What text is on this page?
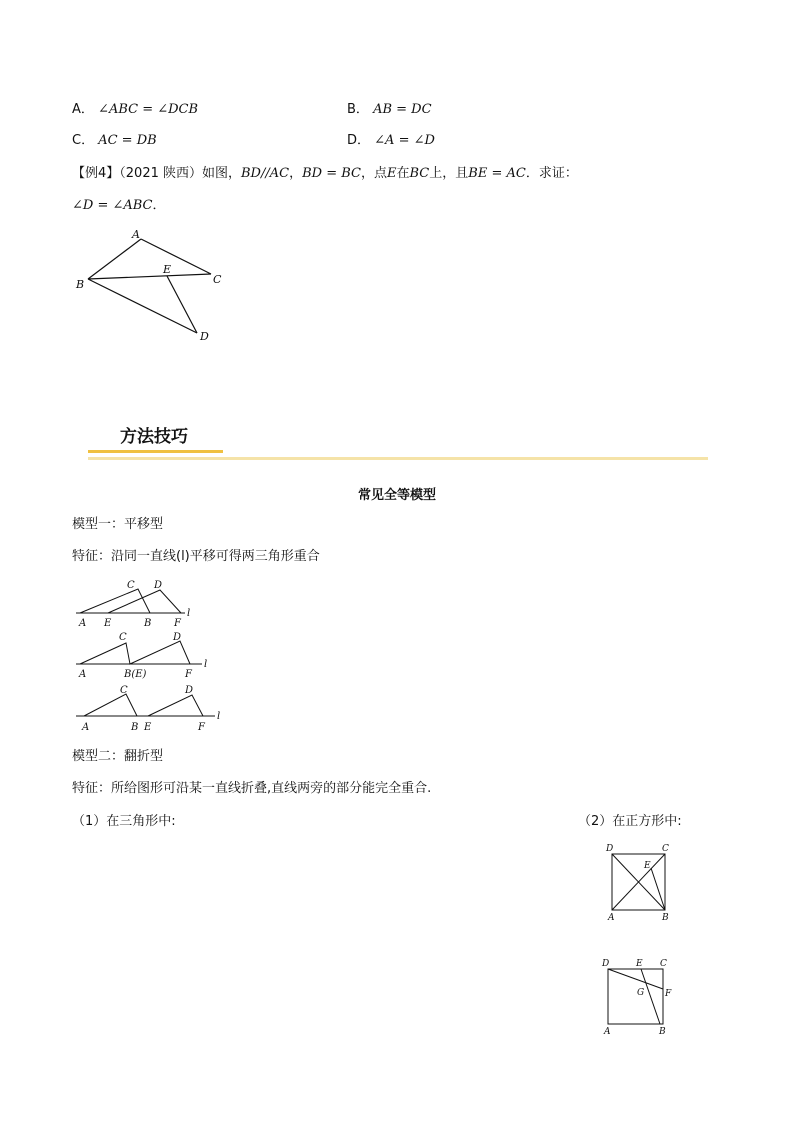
A． ∠ABC = ∠DCB	B． AB = DC
C． AC = DB	D． ∠A = ∠D
【例4】（2021 陕西）如图，BD//AC，BD = BC，点E在BC上，且BE = AC．求证：
∠D = ∠ABC．
A
B	C
D
E
方法技巧
常见全等模型
模型一：平移型
特征：沿同一直线(l)平移可得两三角形重合
C D
A E	B F
l
C	D
A	B(E)	F
l
C	D
A	B E	F
l
模型二：翻折型
特征：所给图形可沿某一直线折叠,直线两旁的部分能完全重合.
（1）在三角形中:	（2）在正方形中:
D	C
E
A	B
D	E C
G F
A	B
